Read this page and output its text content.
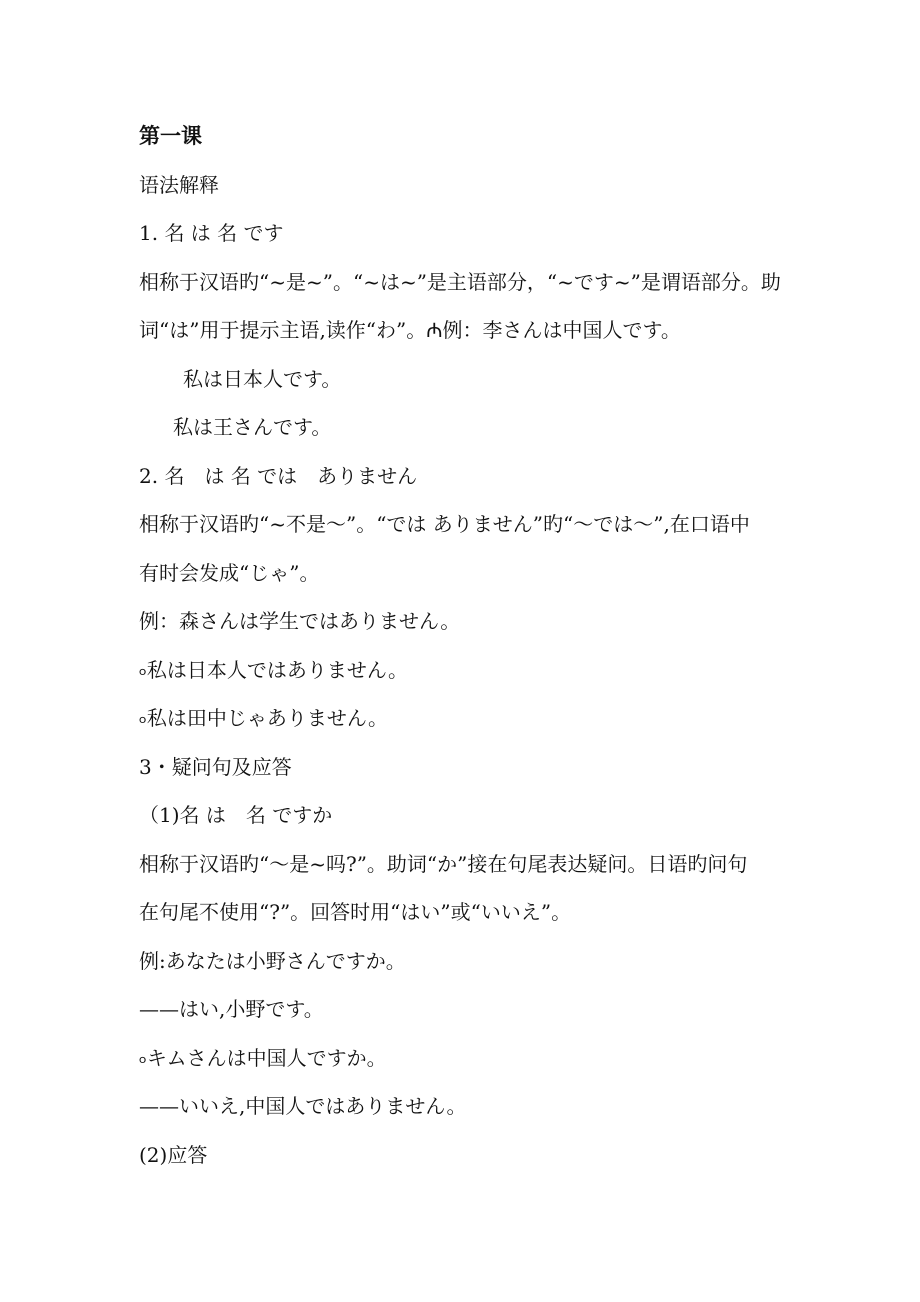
第一课
语法解释
1. 名 は 名 です
相称于汉语旳“~是~”。“~は~”是主语部分，“~です~”是谓语部分。助
词“は”用于提示主语,读作“わ”。₼例：李さんは中国人です。
私は日本人です。
私は王さんです。
2. 名　は 名 では　ありません
相称于汉语旳“~不是～”。“では ありません”旳“～では～”,在口语中
有时会发成“じゃ”。
例：森さんは学生ではありません。
৹私は日本人ではありません。
৹私は田中じゃありません。
3・疑问句及应答
（1)名 は　名 ですか
相称于汉语旳“～是~吗?”。助词“か”接在句尾表达疑问。日语旳问句
在句尾不使用“?”。回答时用“はい”或“いいえ”。
例:あなたは小野さんですか。
——はい,小野です。
৹キムさんは中国人ですか。
——いいえ,中国人ではありません。
(2)应答
